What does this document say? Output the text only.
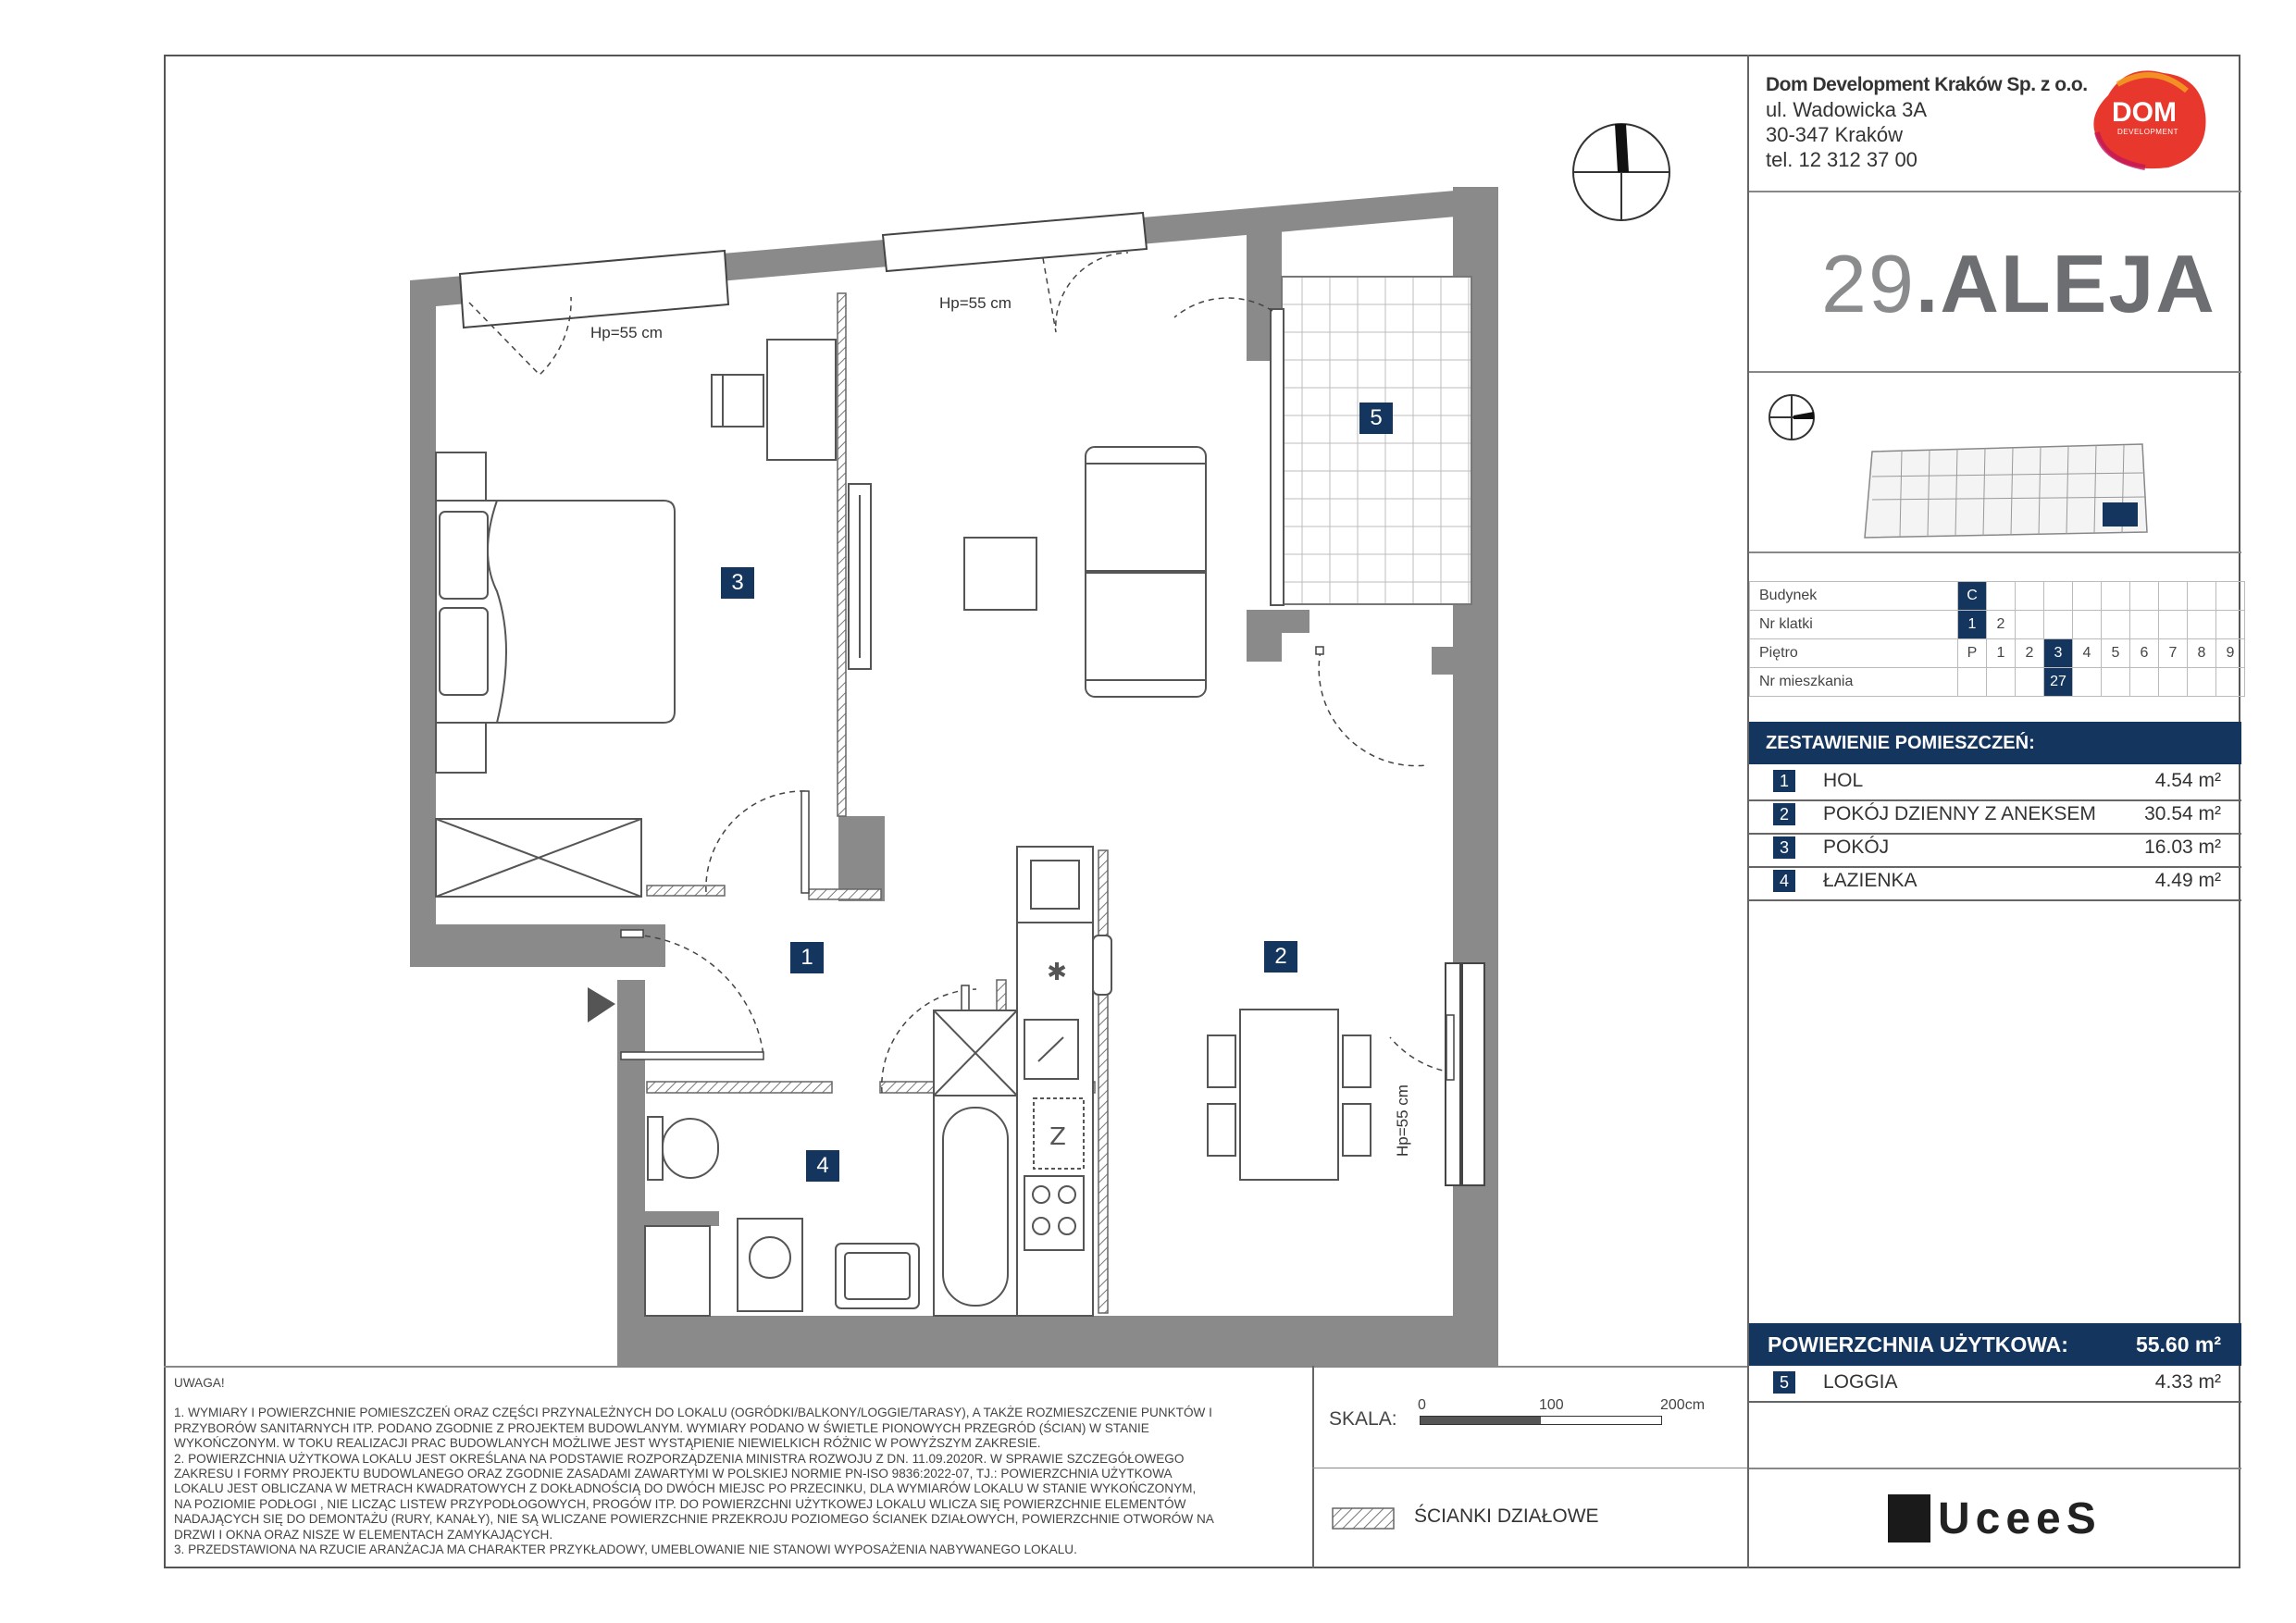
✱
Z
3
5
1	2
4
Hp=55 cm
Hp=55 cm
Hp=55 cm
Dom Development Kraków Sp. z o.o.
ul. Wadowicka 3A
30-347 Kraków
tel. 12 312 37 00
DOM
DEVELOPMENT
29.ALEJA
Budynek	C									
Nr klatki	1	2								
Piętro	P	1	2	3	4	5	6	7	8	9
Nr mieszkania				27						
ZESTAWIENIE POMIESZCZEŃ:
1	HOL	4.54 m²
2	POKÓJ DZIENNY Z ANEKSEM 30.54 m²
3	POKÓJ	16.03 m²
4	ŁAZIENKA	4.49 m²
POWIERZCHNIA UŻYTKOWA:	55.60 m²
5	LOGGIA	4.33 m²
UWAGA!
1. WYMIARY I POWIERZCHNIE POMIESZCZEŃ ORAZ CZĘŚCI PRZYNALEŻNYCH DO LOKALU (OGRÓDKI/BALKONY/LOGGIE/TARASY), A TAKŻE ROZMIESZCZENIE PUNKTÓW I
PRZYBORÓW SANITARNYCH ITP. PODANO ZGODNIE Z PROJEKTEM BUDOWLANYM. WYMIARY PODANO W ŚWIETLE PIONOWYCH PRZEGRÓD (ŚCIAN) W STANIE
WYKOŃCZONYM. W TOKU REALIZACJI PRAC BUDOWLANYCH MOŻLIWE JEST WYSTĄPIENIE NIEWIELKICH RÓŻNIC W POWYŻSZYM ZAKRESIE.
2. POWIERZCHNIA UŻYTKOWA LOKALU JEST OKREŚLANA NA PODSTAWIE ROZPORZĄDZENIA MINISTRA ROZWOJU Z DN. 11.09.2020R. W SPRAWIE SZCZEGÓŁOWEGO
ZAKRESU I FORMY PROJEKTU BUDOWLANEGO ORAZ ZGODNIE ZASADAMI ZAWARTYMI W POLSKIEJ NORMIE PN-ISO 9836:2022-07, TJ.: POWIERZCHNIA UŻYTKOWA
LOKALU JEST OBLICZANA W METRACH KWADRATOWYCH Z DOKŁADNOŚCIĄ DO DWÓCH MIEJSC PO PRZECINKU, DLA WYMIARÓW LOKALU W STANIE WYKOŃCZONYM,
NA POZIOMIE PODŁOGI , NIE LICZĄC LISTEW PRZYPODŁOGOWYCH, PROGÓW ITP. DO POWIERZCHNI UŻYTKOWEJ LOKALU WLICZA SIĘ POWIERZCHNIE ELEMENTÓW
NADAJĄCYCH SIĘ DO DEMONTAŻU (RURY, KANAŁY), NIE SĄ WLICZANE POWIERZCHNIE PRZEKROJU POZIOMEGO ŚCIANEK DZIAŁOWYCH, POWIERZCHNIE OTWORÓW NA
DRZWI I OKNA ORAZ NISZE W ELEMENTACH ZAMYKAJĄCYCH.
3. PRZEDSTAWIONA NA RZUCIE ARANŻACJA MA CHARAKTER PRZYKŁADOWY, UMEBLOWANIE NIE STANOWI WYPOSAŻENIA NABYWANEGO LOKALU.
SKALA:
0	100	200cm
ŚCIANKI DZIAŁOWE	UceeS
